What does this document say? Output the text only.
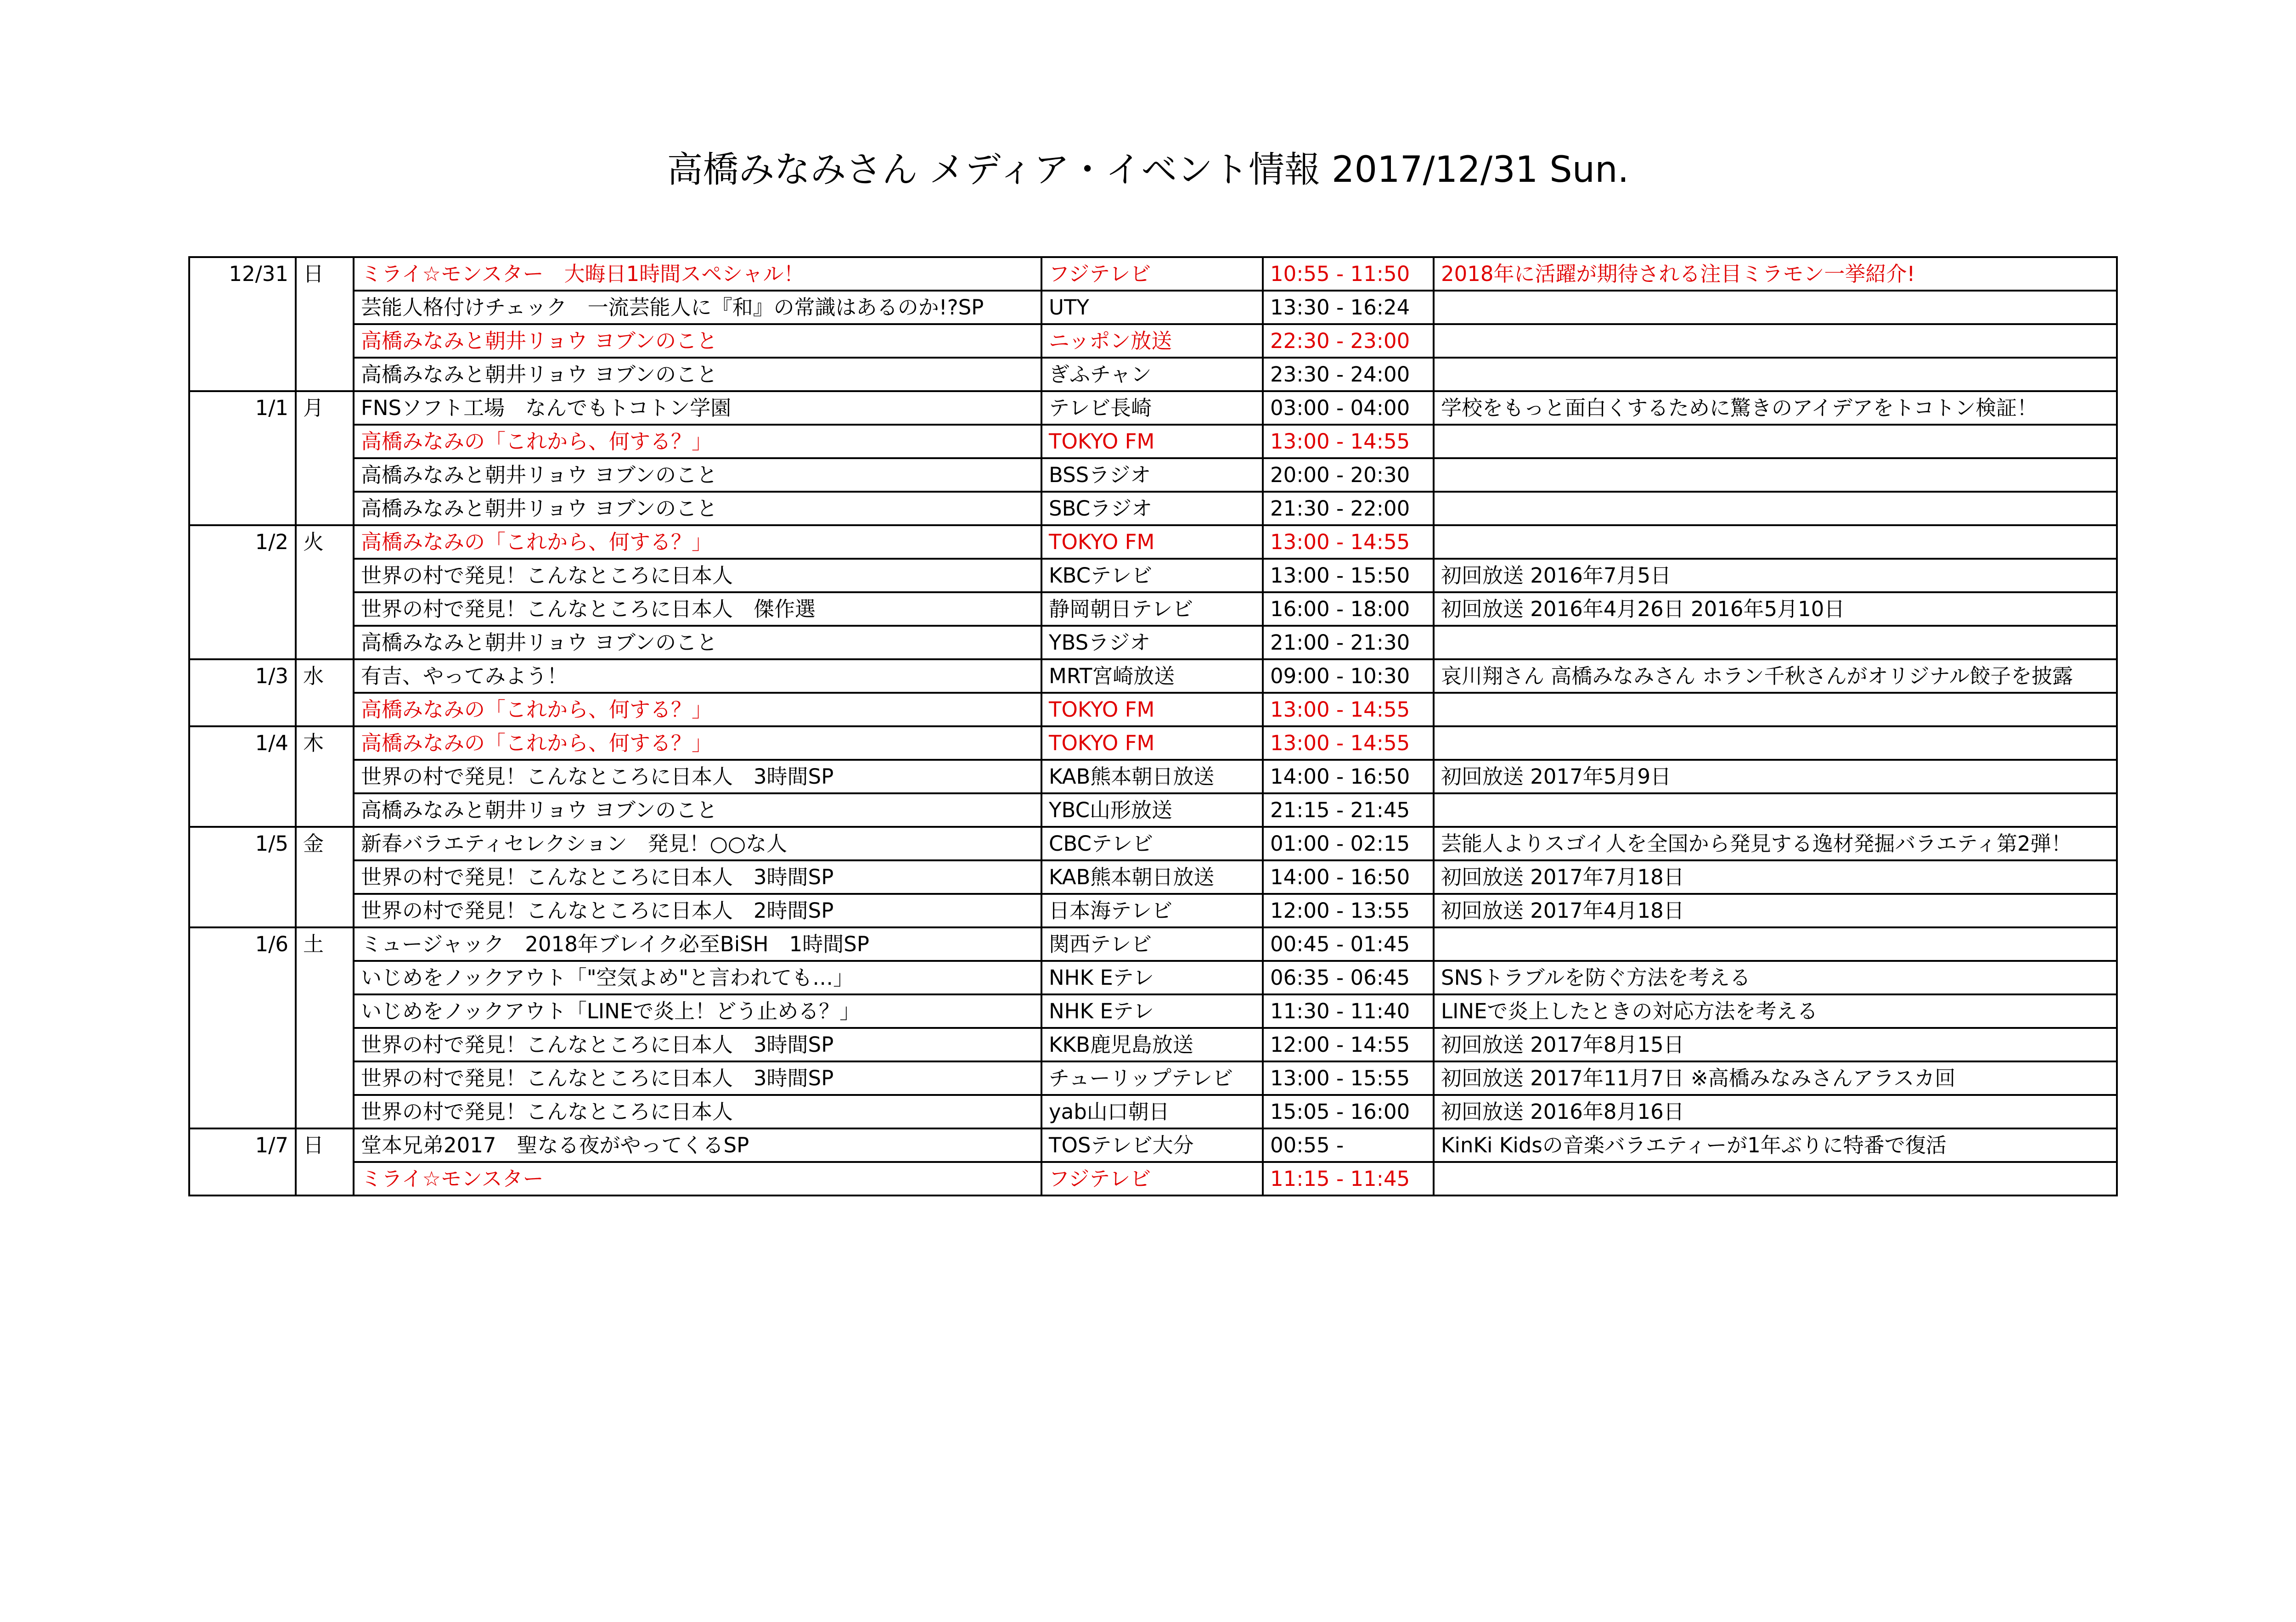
高橋みなみさん メディア・イベント情報 2017/12/31 Sun.
12/31	日	ミライ☆モンスター　大晦日1時間スペシャル！	フジテレビ	10:55 - 11:50	2018年に活躍が期待される注目ミラモン一挙紹介!
		芸能人格付けチェック　一流芸能人に『和』の常識はあるのか!?SP	UTY	13:30 - 16:24	
		高橋みなみと朝井リョウ ヨブンのこと	ニッポン放送	22:30 - 23:00	
		高橋みなみと朝井リョウ ヨブンのこと	ぎふチャン	23:30 - 24:00	
1/1	月	FNSソフト工場　なんでもトコトン学園	テレビ長崎	03:00 - 04:00	学校をもっと面白くするために驚きのアイデアをトコトン検証！
		高橋みなみの「これから、何する？」	TOKYO FM	13:00 - 14:55	
		高橋みなみと朝井リョウ ヨブンのこと	BSSラジオ	20:00 - 20:30	
		高橋みなみと朝井リョウ ヨブンのこと	SBCラジオ	21:30 - 22:00	
1/2	火	高橋みなみの「これから、何する？」	TOKYO FM	13:00 - 14:55	
		世界の村で発見！こんなところに日本人	KBCテレビ	13:00 - 15:50	初回放送 2016年7月5日
		世界の村で発見！こんなところに日本人　傑作選	静岡朝日テレビ	16:00 - 18:00	初回放送 2016年4月26日 2016年5月10日
		高橋みなみと朝井リョウ ヨブンのこと	YBSラジオ	21:00 - 21:30	
1/3	水	有吉、やってみよう！	MRT宮崎放送	09:00 - 10:30	哀川翔さん 高橋みなみさん ホラン千秋さんがオリジナル餃子を披露
		高橋みなみの「これから、何する？」	TOKYO FM	13:00 - 14:55	
1/4	木	高橋みなみの「これから、何する？」	TOKYO FM	13:00 - 14:55	
		世界の村で発見！こんなところに日本人　3時間SP	KAB熊本朝日放送	14:00 - 16:50	初回放送 2017年5月9日
		高橋みなみと朝井リョウ ヨブンのこと	YBC山形放送	21:15 - 21:45	
1/5	金	新春バラエティセレクション　発見！○○な人	CBCテレビ	01:00 - 02:15	芸能人よりスゴイ人を全国から発見する逸材発掘バラエティ第2弾！
		世界の村で発見！こんなところに日本人　3時間SP	KAB熊本朝日放送	14:00 - 16:50	初回放送 2017年7月18日
		世界の村で発見！こんなところに日本人　2時間SP	日本海テレビ	12:00 - 13:55	初回放送 2017年4月18日
1/6	土	ミュージャック　2018年ブレイク必至BiSH　1時間SP	関西テレビ	00:45 - 01:45	
		いじめをノックアウト「"空気よめ"と言われても…」	NHK Eテレ	06:35 - 06:45	SNSトラブルを防ぐ方法を考える
		いじめをノックアウト「LINEで炎上！どう止める？」	NHK Eテレ	11:30 - 11:40	LINEで炎上したときの対応方法を考える
		世界の村で発見！こんなところに日本人　3時間SP	KKB鹿児島放送	12:00 - 14:55	初回放送 2017年8月15日
		世界の村で発見！こんなところに日本人　3時間SP	チューリップテレビ	13:00 - 15:55	初回放送 2017年11月7日 ※高橋みなみさんアラスカ回
		世界の村で発見！こんなところに日本人	yab山口朝日	15:05 - 16:00	初回放送 2016年8月16日
1/7	日	堂本兄弟2017　聖なる夜がやってくるSP	TOSテレビ大分	00:55 -	KinKi Kidsの音楽バラエティーが1年ぶりに特番で復活
		ミライ☆モンスター	フジテレビ	11:15 - 11:45	
